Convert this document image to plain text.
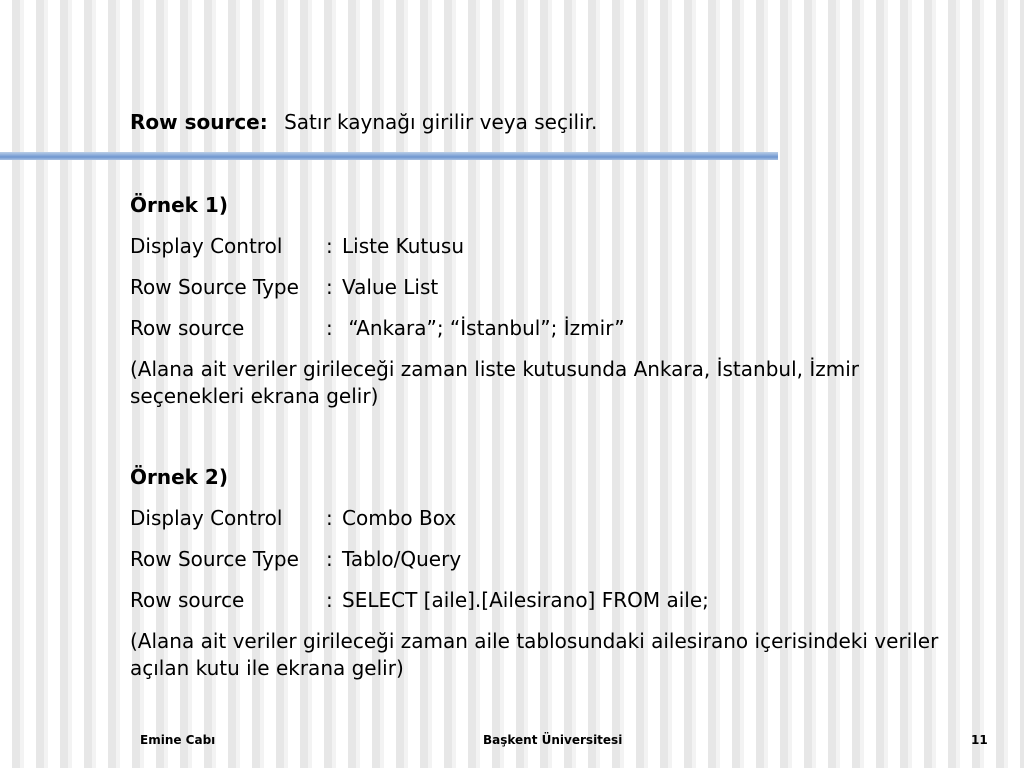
Row source: Satır kaynağı girilir veya seçilir.
Örnek 1)
Display Control	: Liste Kutusu
Row Source Type	: Value List
Row source	: “Ankara”; “İstanbul”; İzmir”
(Alana ait veriler girileceği zaman liste kutusunda Ankara, İstanbul, İzmir seçenekleri ekrana gelir)
Örnek 2)
Display Control	: Combo Box
Row Source Type	: Tablo/Query
Row source	: SELECT [aile].[Ailesirano] FROM aile;
(Alana ait veriler girileceği zaman aile tablosundaki ailesirano içerisindeki veriler açılan kutu ile ekrana gelir)
Emine Cabı	Başkent Üniversitesi	11
